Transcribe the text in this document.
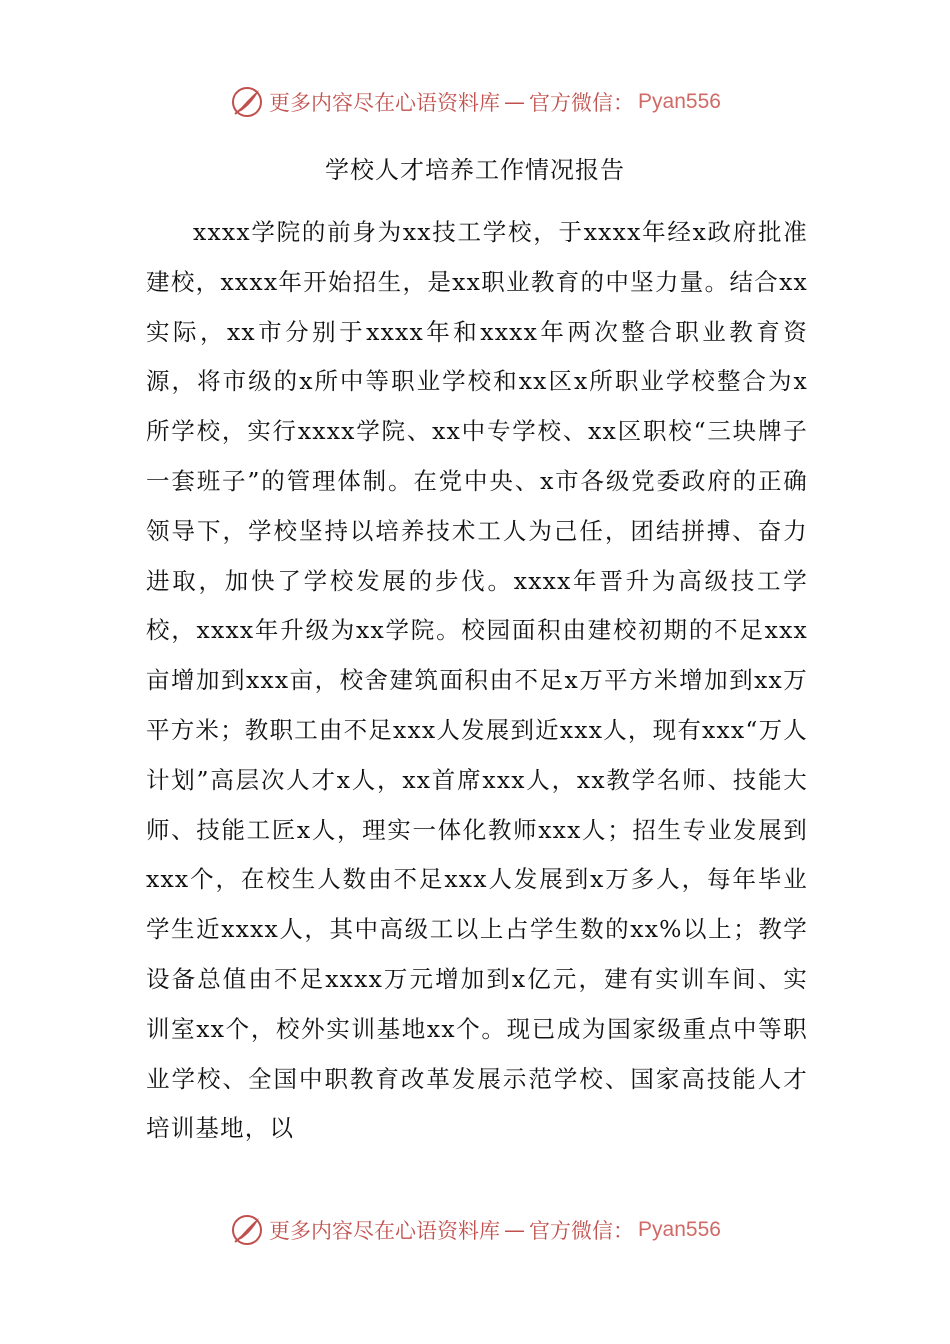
更多内容尽在心语资料库 — 官方微信： Pyan556
学校人才培养工作情况报告

xxxx学院的前身为xx技工学校，于xxxx年经x政府批准建校，xxxx年开始招生，是xx职业教育的中坚力量。结合xx实际，xx市分别于xxxx年和xxxx年两次整合职业教育资源，将市级的x所中等职业学校和xx区x所职业学校整合为x所学校，实行xxxx学院、xx中专学校、xx区职校“三块牌子一套班子”的管理体制。在党中央、x市各级党委政府的正确领导下，学校坚持以培养技术工人为己任，团结拼搏、奋力进取，加快了学校发展的步伐。xxxx年晋升为高级技工学校，xxxx年升级为xx学院。校园面积由建校初期的不足xxx亩增加到xxx亩，校舍建筑面积由不足x万平方米增加到xx万平方米；教职工由不足xxx人发展到近xxx人，现有xxx“万人计划”高层次人才x人，xx首席xxx人，xx教学名师、技能大师、技能工匠x人，理实一体化教师xxx人；招生专业发展到xxx个，在校生人数由不足xxx人发展到x万多人，每年毕业学生近xxxx人，其中高级工以上占学生数的xx%以上；教学设备总值由不足xxxx万元增加到x亿元，建有实训车间、实训室xx个，校外实训基地xx个。现已成为国家级重点中等职业学校、全国中职教育改革发展示范学校、国家高技能人才培训基地，以

更多内容尽在心语资料库 — 官方微信： Pyan556
